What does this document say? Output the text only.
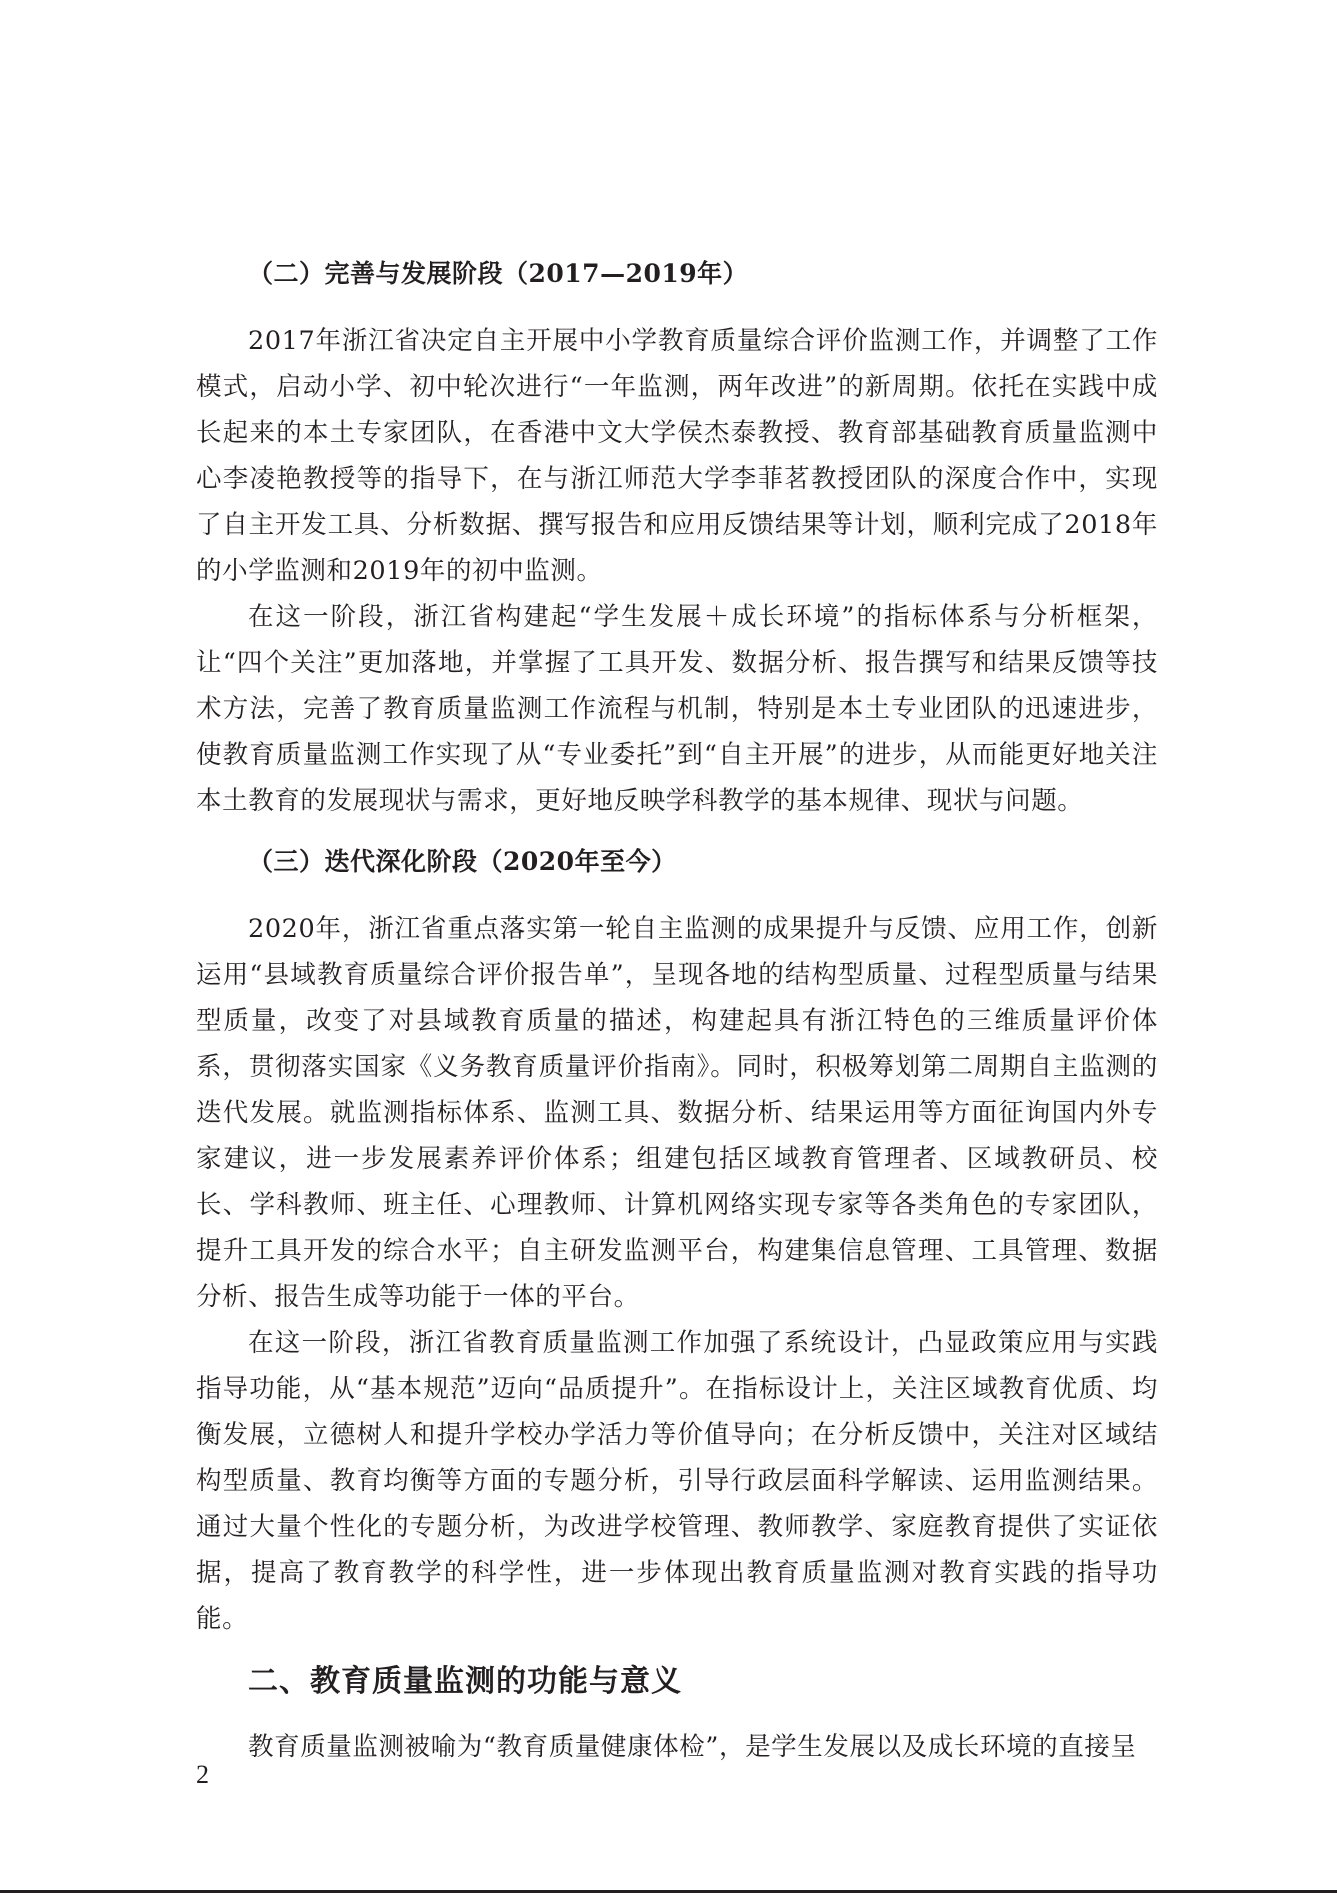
（二）完善与发展阶段（2017—2019年）

2017年浙江省决定自主开展中小学教育质量综合评价监测工作，并调整了工作模式，启动小学、初中轮次进行“一年监测，两年改进”的新周期。依托在实践中成长起来的本土专家团队，在香港中文大学侯杰泰教授、教育部基础教育质量监测中心李凌艳教授等的指导下，在与浙江师范大学李菲茗教授团队的深度合作中，实现了自主开发工具、分析数据、撰写报告和应用反馈结果等计划，顺利完成了2018年的小学监测和2019年的初中监测。

在这一阶段，浙江省构建起“学生发展＋成长环境”的指标体系与分析框架，让“四个关注”更加落地，并掌握了工具开发、数据分析、报告撰写和结果反馈等技术方法，完善了教育质量监测工作流程与机制，特别是本土专业团队的迅速进步，使教育质量监测工作实现了从“专业委托”到“自主开展”的进步，从而能更好地关注本土教育的发展现状与需求，更好地反映学科教学的基本规律、现状与问题。

（三）迭代深化阶段（2020年至今）

2020年，浙江省重点落实第一轮自主监测的成果提升与反馈、应用工作，创新运用“县域教育质量综合评价报告单”，呈现各地的结构型质量、过程型质量与结果型质量，改变了对县域教育质量的描述，构建起具有浙江特色的三维质量评价体系，贯彻落实国家《义务教育质量评价指南》。同时，积极筹划第二周期自主监测的迭代发展。就监测指标体系、监测工具、数据分析、结果运用等方面征询国内外专家建议，进一步发展素养评价体系；组建包括区域教育管理者、区域教研员、校长、学科教师、班主任、心理教师、计算机网络实现专家等各类角色的专家团队，提升工具开发的综合水平；自主研发监测平台，构建集信息管理、工具管理、数据分析、报告生成等功能于一体的平台。

在这一阶段，浙江省教育质量监测工作加强了系统设计，凸显政策应用与实践指导功能，从“基本规范”迈向“品质提升”。在指标设计上，关注区域教育优质、均衡发展，立德树人和提升学校办学活力等价值导向；在分析反馈中，关注对区域结构型质量、教育均衡等方面的专题分析，引导行政层面科学解读、运用监测结果。通过大量个性化的专题分析，为改进学校管理、教师教学、家庭教育提供了实证依据，提高了教育教学的科学性，进一步体现出教育质量监测对教育实践的指导功能。

二、教育质量监测的功能与意义

教育质量监测被喻为“教育质量健康体检”，是学生发展以及成长环境的直接呈

2
